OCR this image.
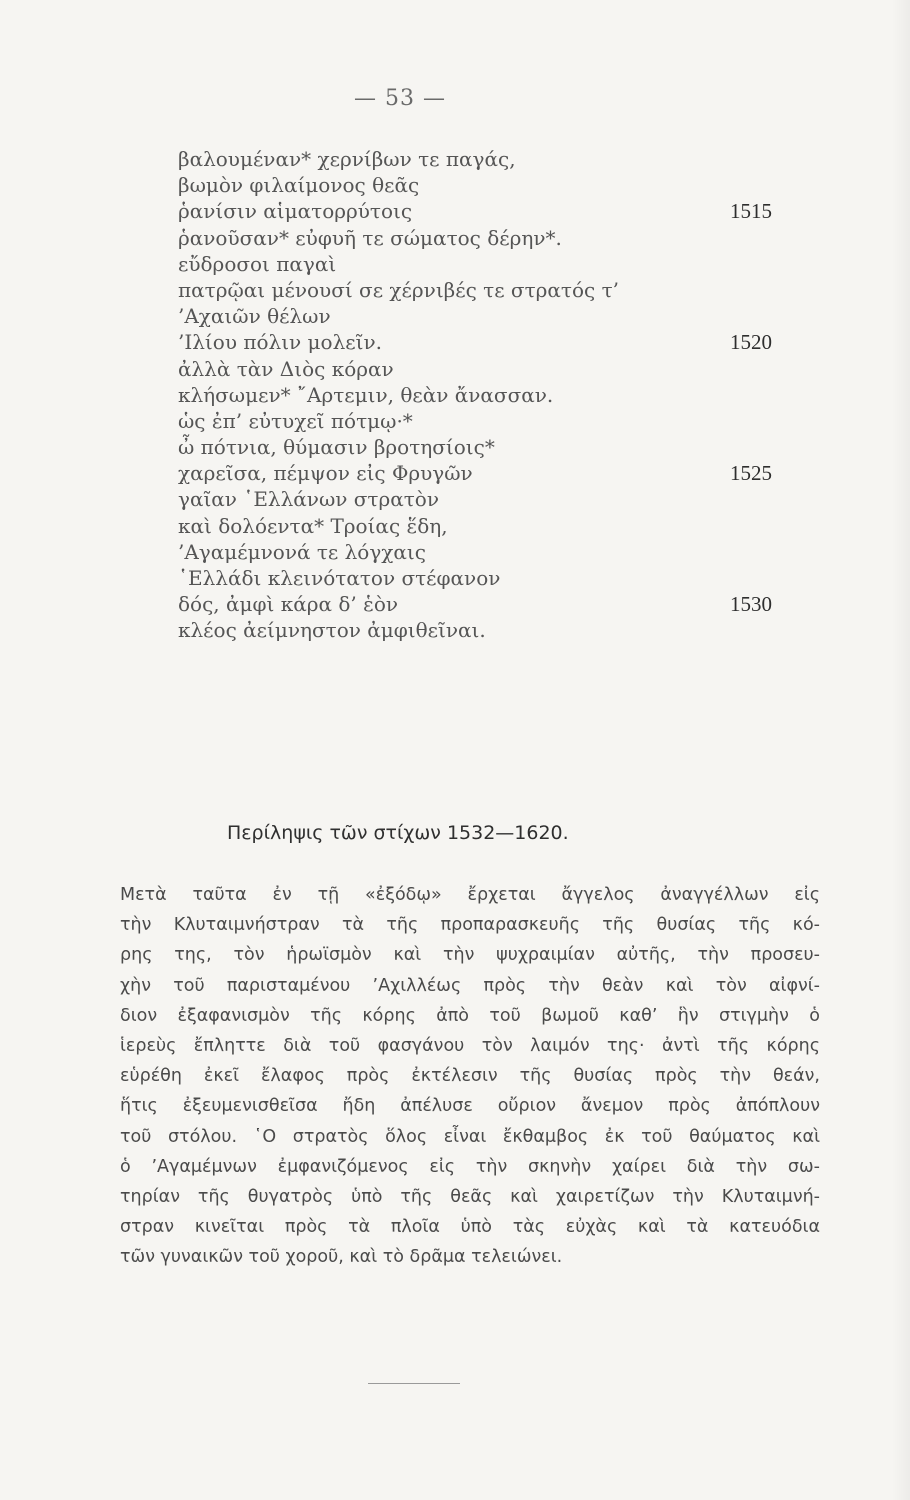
— 53 —
βαλουμέναν* χερνίβων τε παγάς,
βωμὸν φιλαίμονος θεᾶς
ῥανίσιν αἱματορρύτοις	1515
ῥανοῦσαν* εὐφυῆ τε σώματος δέρην*.
εὔδροσοι παγαὶ
πατρῷαι μένουσί σε χέρνιβές τε στρατός τ’
’Αχαιῶν θέλων
’Ιλίου πόλιν μολεῖν.	1520
ἀλλὰ τὰν Διὸς κόραν
κλήσωμεν* ῎Αρτεμιν, θεὰν ἄνασσαν.
ὡς ἐπ’ εὐτυχεῖ πότμῳ·*
ὦ πότνια, θύμασιν βροτησίοις*
χαρεῖσα, πέμψον εἰς Φρυγῶν	1525
γαῖαν ῾Ελλάνων στρατὸν
καὶ δολόεντα* Τροίας ἕδη,
’Αγαμέμνονά τε λόγχαις
῾Ελλάδι κλεινότατον στέφανον
δός, ἀμφὶ κάρα δ’ ἑὸν	1530
κλέος ἀείμνηστον ἀμφιθεῖναι.
Περίληψις τῶν στίχων 1532—1620.
Μετὰ ταῦτα ἐν τῇ «ἐξόδῳ» ἔρχεται ἄγγελος ἀναγγέλλων εἰς
τὴν Κλυταιμνήστραν τὰ τῆς προπαρασκευῆς τῆς θυσίας τῆς κό-
ρης της, τὸν ἡρωϊσμὸν καὶ τὴν ψυχραιμίαν αὐτῆς, τὴν προσευ-
χὴν τοῦ παρισταμένου ’Αχιλλέως πρὸς τὴν θεὰν καὶ τὸν αἰφνί-
διον ἐξαφανισμὸν τῆς κόρης ἀπὸ τοῦ βωμοῦ καθ’ ἣν στιγμὴν ὁ
ἱερεὺς ἔπληττε διὰ τοῦ φασγάνου τὸν λαιμόν της· ἀντὶ τῆς κόρης
εὑρέθη ἐκεῖ ἔλαφος πρὸς ἐκτέλεσιν τῆς θυσίας πρὸς τὴν θεάν,
ἥτις ἐξευμενισθεῖσα ἤδη ἀπέλυσε οὔριον ἄνεμον πρὸς ἀπόπλουν
τοῦ στόλου. ῾Ο στρατὸς ὅλος εἶναι ἔκθαμβος ἐκ τοῦ θαύματος καὶ
ὁ ’Αγαμέμνων ἐμφανιζόμενος εἰς τὴν σκηνὴν χαίρει διὰ τὴν σω-
τηρίαν τῆς θυγατρὸς ὑπὸ τῆς θεᾶς καὶ χαιρετίζων τὴν Κλυταιμνή-
στραν κινεῖται πρὸς τὰ πλοῖα ὑπὸ τὰς εὐχὰς καὶ τὰ κατευόδια
τῶν γυναικῶν τοῦ χοροῦ, καὶ τὸ δρᾶμα τελειώνει.
